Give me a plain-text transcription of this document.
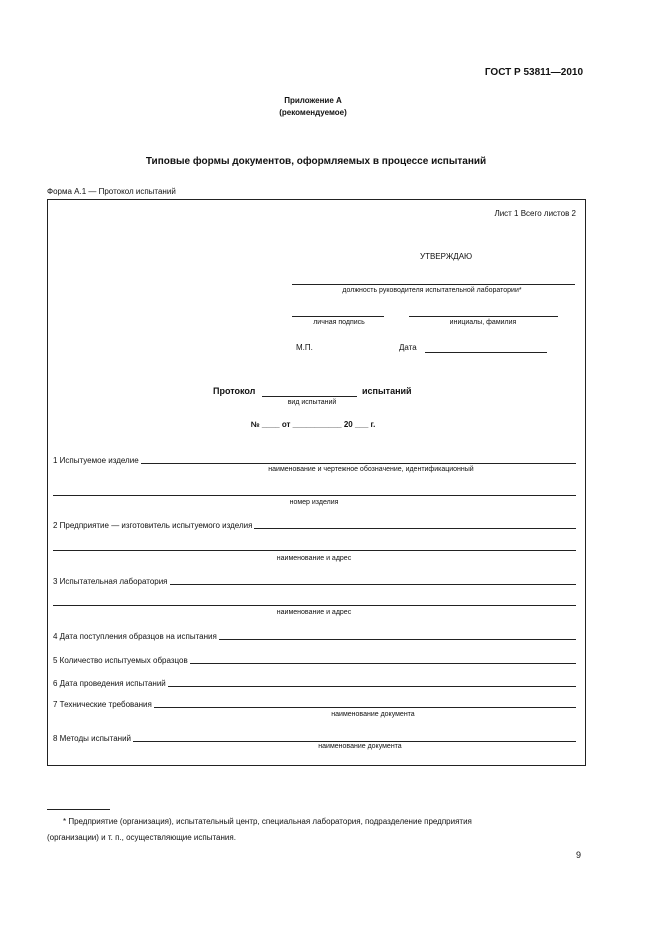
ГОСТ Р 53811—2010
Приложение А
(рекомендуемое)
Типовые формы документов, оформляемых в процессе испытаний
Форма А.1 — Протокол испытаний
Лист 1 Всего листов 2
УТВЕРЖДАЮ
должность руководителя испытательной лаборатории*
личная подпись	инициалы, фамилия
М.П.	Дата
Протокол	испытаний
вид испытаний
№ ____ от ___________ 20 ___ г.
1 Испытуемое изделие
наименование и чертежное обозначение, идентификационный
номер изделия
2 Предприятие — изготовитель испытуемого изделия
наименование и адрес
3 Испытательная лаборатория
наименование и адрес
4 Дата поступления образцов на испытания
5 Количество испытуемых образцов
6 Дата проведения испытаний
7 Технические требования
наименование документа
8 Методы испытаний
наименование документа
* Предприятие (организация), испытательный центр, специальная лаборатория, подразделение предприятия
(организации) и т. п., осуществляющие испытания.
9
